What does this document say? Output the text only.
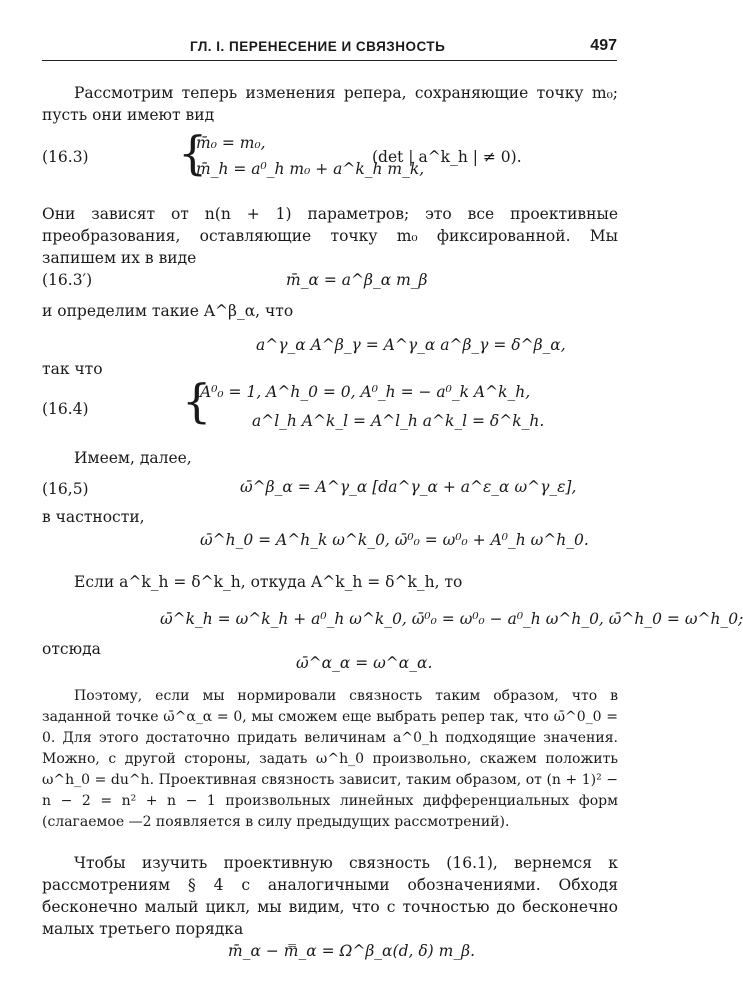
ГЛ. I. ПЕРЕНЕСЕНИЕ И СВЯЗНОСТЬ	497
Рассмотрим теперь изменения репера, сохраняющие точку m₀; пусть они имеют вид
(16.3) {
m̄₀ = m₀,
m̄_h = a⁰_h m₀ + a^k_h m_k,
(det | a^k_h | ≠ 0).
Они зависят от n(n + 1) параметров; это все проективные преобразования, оставляющие точку m₀ фиксированной. Мы запишем их в виде
(16.3′)	m̄_α = a^β_α m_β
и определим такие A^β_α, что
a^γ_α A^β_γ = A^γ_α a^β_γ = δ^β_α,
так что
(16.4) {
A⁰₀ = 1, A^h_0 = 0, A⁰_h = − a⁰_k A^k_h,
a^l_h A^k_l = A^l_h a^k_l = δ^k_h.
Имеем, далее,
(16,5)	ω̄^β_α = A^γ_α [da^γ_α + a^ε_α ω^γ_ε],
в частности,
ω̄^h_0 = A^h_k ω^k_0, ω̄⁰₀ = ω⁰₀ + A⁰_h ω^h_0.
Если a^k_h = δ^k_h, откуда A^k_h = δ^k_h, то
ω̄^k_h = ω^k_h + a⁰_h ω^k_0, ω̄⁰₀ = ω⁰₀ − a⁰_h ω^h_0, ω̄^h_0 = ω^h_0;
отсюда
ω̄^α_α = ω^α_α.
Поэтому, если мы нормировали связность таким образом, что в заданной точке ω̄^α_α = 0, мы сможем еще выбрать репер так, что ω̄^0_0 = 0. Для этого достаточно придать величинам a^0_h подходящие значения. Можно, с другой стороны, задать ω^h_0 произвольно, скажем положить ω^h_0 = du^h. Проективная связность зависит, таким образом, от (n + 1)² − n − 2 = n² + n − 1 произвольных линейных дифференциальных форм (слагаемое —2 появляется в силу предыдущих рассмотрений).
Чтобы изучить проективную связность (16.1), вернемся к рассмотрениям § 4 с аналогичными обозначениями. Обходя бесконечно малый цикл, мы видим, что с точностью до бесконечно малых третьего порядка
m̄_α − m̿_α = Ω^β_α(d, δ) m_β.
